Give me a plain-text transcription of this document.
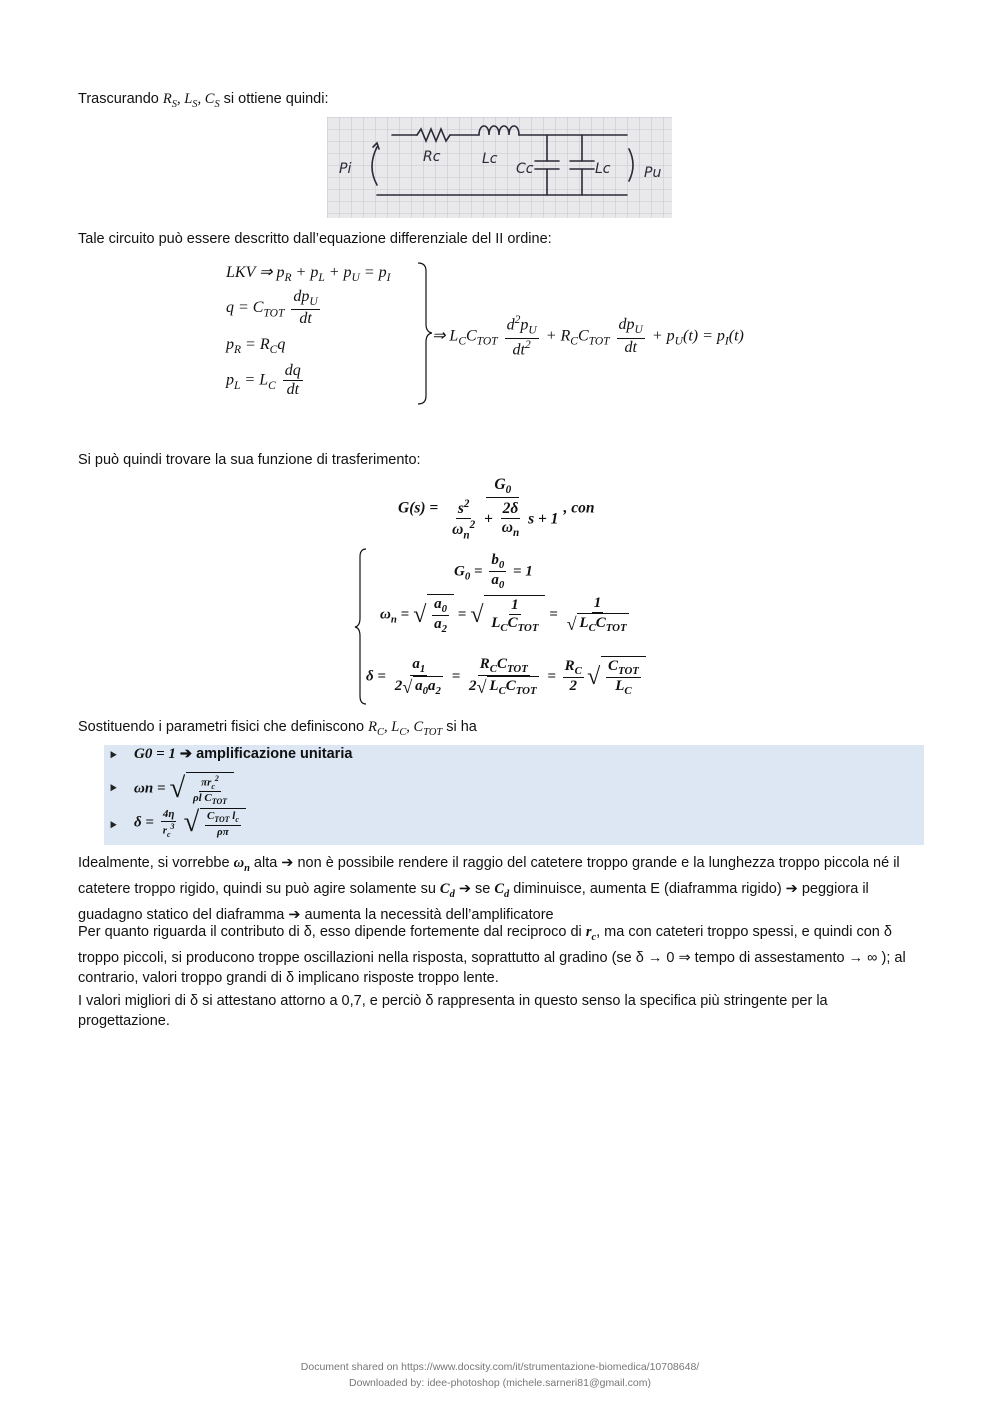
Trascurando $R_S$, $L_S$, $C_S$ si ottiene quindi:
Pi
Rc	Lc
Cc	Lc Pu
Tale circuito può essere descritto dall’equazione differenziale del II ordine:
LKV ⇒ $p_R + p_L + p_U = p_I$
$q = C_{TOT} \frac{dp_U}{dt}$
$p_R = R_Cq$
$p_L = L_C \frac{dq}{dt}$
⇒ $L_CC_{TOT} \frac{d^2p_U}{dt^2} + R_CC_{TOT} \frac{dp_U}{dt} + p_U(t) = p_I(t)$
Si può quindi trovare la sua funzione di trasferimento:
$G(s) = \frac{G_0}{\frac{s^2}{\omega_n^2} + \frac{2\delta}{\omega_n} s + 1}$ , con
$G_0 = \frac{b_0}{a_0} = 1$
$\omega_n$ = √ $\frac{a_0}{a_2}$ = √ $\frac{1}{L_CC_{TOT}} = \frac{1}{√ L_CC_{TOT}}$
$\delta = \frac{a_1}{2 √ a_0a_2} = \frac{R_CC_{TOT}}{2 √ L_CC_{TOT}} = \frac{R_C}{2}$ √ $\frac{C_{TOT}}{L_C}$
Sostituendo i parametri fisici che definiscono $R_C$, $L_C$, $C_{TOT}$ si ha
⯈ G0 = 1 ➔ amplificazione unitaria
⯈ ωn = √ $\frac{\pi r_c^2}{\rho l C_{TOT}}$
⯈ $\delta = \frac{4\eta}{r_c^3}$
√ $\frac{C_{TOT} l_c}{\rho\pi}$
Idealmente, si vorrebbe $\omega_n$ alta ➔ non è possibile rendere il raggio del catetere troppo grande e la lunghezza troppo piccola né il catetere troppo rigido, quindi su può agire solamente su $C_d$ ➔ se $C_d$ diminuisce, aumenta E (diaframma rigido) ➔ peggiora il guadagno statico del diaframma ➔ aumenta la necessità dell’amplificatore
Per quanto riguarda il contributo di δ, esso dipende fortemente dal reciproco di $r_c$, ma con cateteri troppo spessi, e quindi con δ troppo piccoli, si producono troppe oscillazioni nella risposta, soprattutto al gradino (se δ → 0 ⇒ tempo di assestamento → ∞ ); al contrario, valori troppo grandi di δ implicano risposte troppo lente.
I valori migliori di δ si attestano attorno a 0,7, e perciò δ rappresenta in questo senso la specifica più stringente per la progettazione.
Document shared on https://www.docsity.com/it/strumentazione-biomedica/10708648/
Downloaded by: idee-photoshop (michele.sarneri81@gmail.com)
